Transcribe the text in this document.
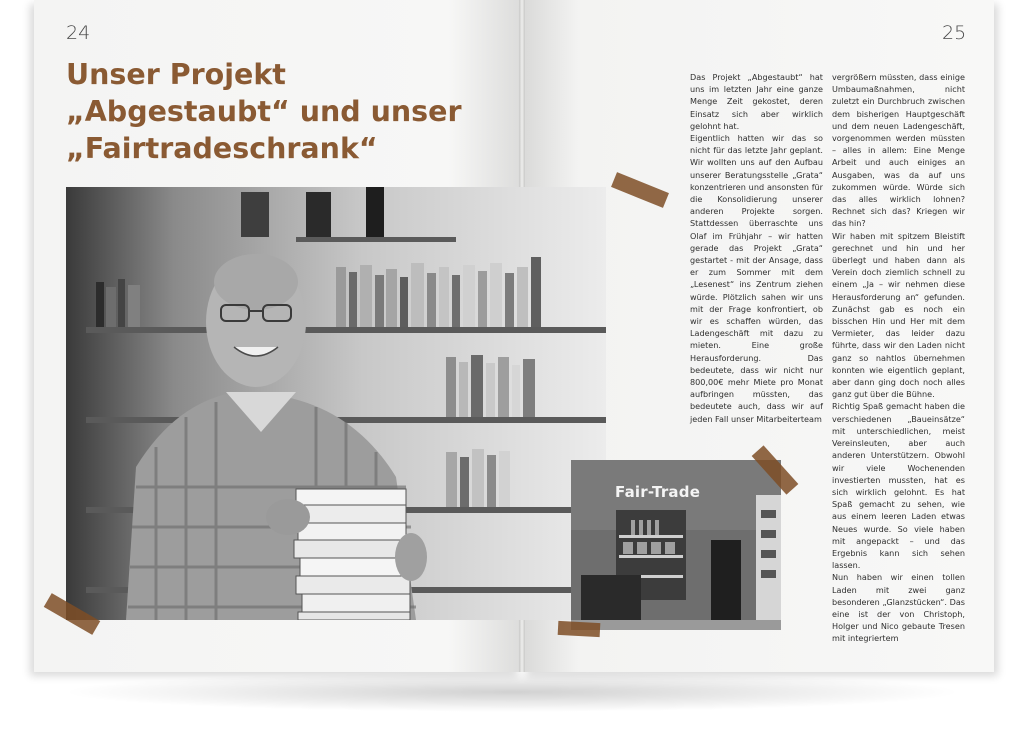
24	25
Unser Projekt
„Abgestaubt“ und unser
„Fairtradeschrank“
Fair-Trade

Das Projekt „Abgestaubt“ hat uns im letzten Jahr eine ganze Menge Zeit gekostet, deren Einsatz sich aber wirklich gelohnt hat.

Eigentlich hatten wir das so nicht für das letzte Jahr geplant. Wir wollten uns auf den Aufbau unserer Beratungsstelle „Grata“ konzentrieren und ansonsten für die Konsolidierung unserer anderen Projekte sorgen. Stattdessen überraschte uns Olaf im Frühjahr – wir hatten gerade das Projekt „Grata“ gestartet - mit der Ansage, dass er zum Sommer mit dem „Lesenest“ ins Zentrum ziehen würde. Plötzlich sahen wir uns mit der Frage konfrontiert, ob wir es schaffen würden, das Ladengeschäft mit dazu zu mieten. Eine große Herausforderung. Das bedeutete, dass wir nicht nur 800,00€ mehr Miete pro Monat aufbringen müssten, das bedeutete auch, dass wir auf jeden Fall unser Mitarbeiterteam

vergrößern müssten, dass einige Umbaumaßnahmen, nicht zuletzt ein Durchbruch zwischen dem bisherigen Hauptgeschäft und dem neuen Ladengeschäft, vorgenommen werden müssten – alles in allem: Eine Menge Arbeit und auch einiges an Ausgaben, was da auf uns zukommen würde. Würde sich das alles wirklich lohnen? Rechnet sich das? Kriegen wir das hin?

Wir haben mit spitzem Bleistift gerechnet und hin und her überlegt und haben dann als Verein doch ziemlich schnell zu einem „Ja – wir nehmen diese Herausforderung an“ gefunden. Zunächst gab es noch ein bisschen Hin und Her mit dem Vermieter, das leider dazu führte, dass wir den Laden nicht ganz so nahtlos übernehmen konnten wie eigentlich geplant, aber dann ging doch noch alles ganz gut über die Bühne.

Richtig Spaß gemacht haben die verschiedenen „Baueinsätze“ mit unterschiedlichen, meist Vereinsleuten, aber auch anderen Unterstützern. Obwohl wir viele Wochenenden investierten mussten, hat es sich wirklich gelohnt. Es hat Spaß gemacht zu sehen, wie aus einem leeren Laden etwas Neues wurde. So viele haben mit angepackt – und das Ergebnis kann sich sehen lassen.

Nun haben wir einen tollen Laden mit zwei ganz besonderen „Glanzstücken“. Das eine ist der von Christoph, Holger und Nico gebaute Tresen mit integriertem
